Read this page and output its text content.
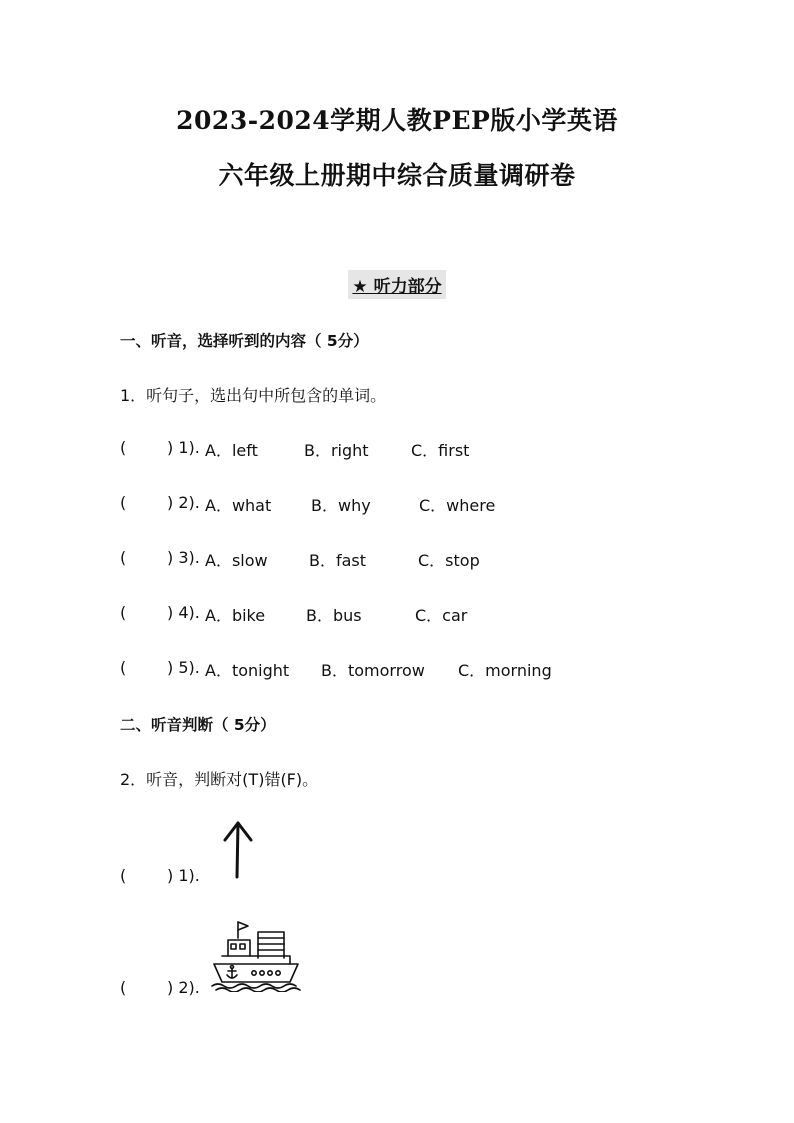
2023-2024学期人教PEP版小学英语
六年级上册期中综合质量调研卷
★ 听力部分
一、听音，选择听到的内容（ 5分）
1．听句子，选出句中所包含的单词。
(	) 1). A．left	B．right	C．first
(	) 2). A．what B．why	C．where
(	) 3). A．slow	B．fast	C．stop
(	) 4). A．bike	B．bus	C．car
(	) 5). A．tonight B．tomorrow C．morning
二、听音判断（ 5分）
2．听音，判断对(T)错(F)。
(	) 1).
(	) 2).
